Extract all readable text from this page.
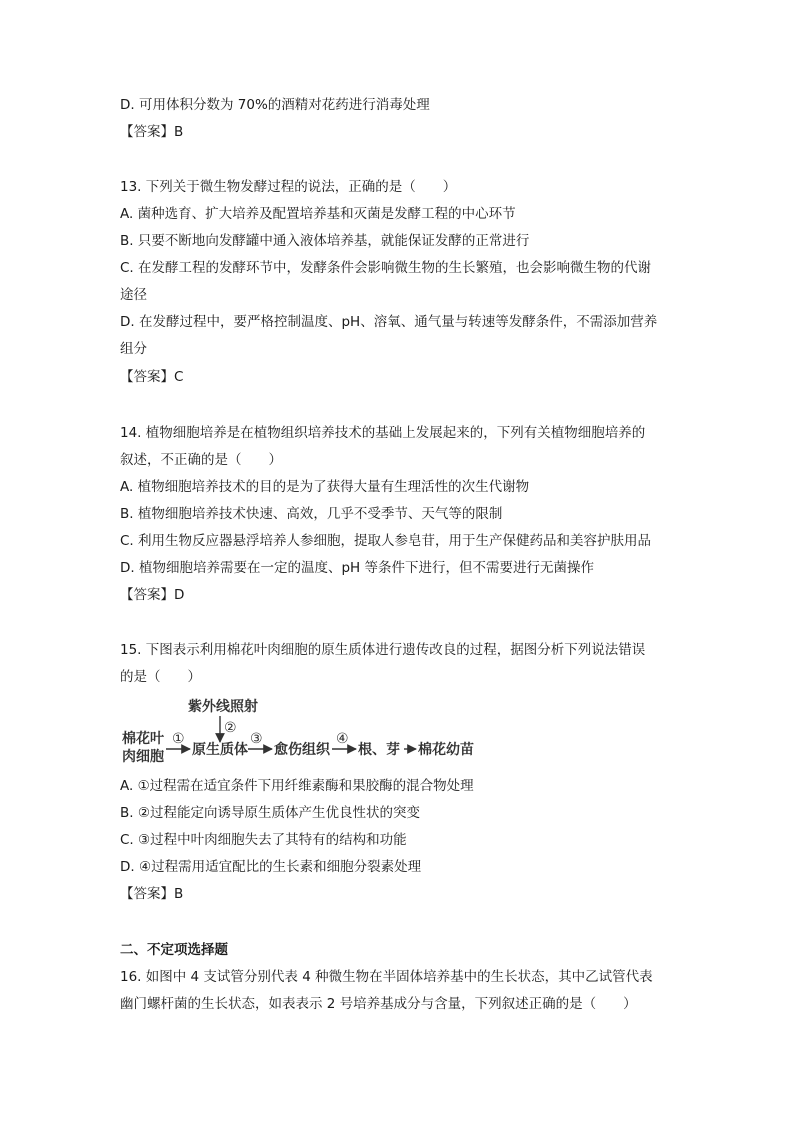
D. 可用体积分数为 70%的酒精对花药进行消毒处理
【答案】B
13. 下列关于微生物发酵过程的说法，正确的是（　　）
A. 菌种选育、扩大培养及配置培养基和灭菌是发酵工程的中心环节
B. 只要不断地向发酵罐中通入液体培养基，就能保证发酵的正常进行
C. 在发酵工程的发酵环节中，发酵条件会影响微生物的生长繁殖，也会影响微生物的代谢
途径
D. 在发酵过程中，要严格控制温度、pH、溶氧、通气量与转速等发酵条件，不需添加营养
组分
【答案】C
14. 植物细胞培养是在植物组织培养技术的基础上发展起来的，下列有关植物细胞培养的
叙述，不正确的是（　　）
A. 植物细胞培养技术的目的是为了获得大量有生理活性的次生代谢物
B. 植物细胞培养技术快速、高效，几乎不受季节、天气等的限制
C. 利用生物反应器悬浮培养人参细胞，提取人参皂苷，用于生产保健药品和美容护肤用品
D. 植物细胞培养需要在一定的温度、pH 等条件下进行，但不需要进行无菌操作
【答案】D
15. 下图表示利用棉花叶肉细胞的原生质体进行遗传改良的过程，据图分析下列说法错误
的是（　　）
紫外线照射
②
棉花叶
肉细胞
①
原生质体
③
愈伤组织
④
根、芽 棉花幼苗
A. ①过程需在适宜条件下用纤维素酶和果胶酶的混合物处理
B. ②过程能定向诱导原生质体产生优良性状的突变
C. ③过程中叶肉细胞失去了其特有的结构和功能
D. ④过程需用适宜配比的生长素和细胞分裂素处理
【答案】B
二、不定项选择题
16. 如图中 4 支试管分别代表 4 种微生物在半固体培养基中的生长状态，其中乙试管代表
幽门螺杆菌的生长状态，如表表示 2 号培养基成分与含量，下列叙述正确的是（　　）
